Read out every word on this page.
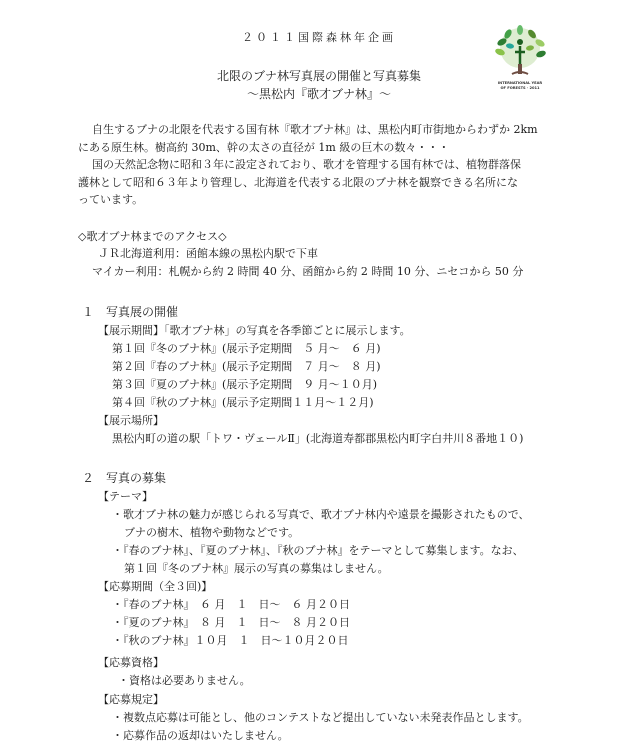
２０１１国際森林年企画
北限のブナ林写真展の開催と写真募集
～黒松内『歌才ブナ林』～
INTERNATIONAL YEAR
OF FORESTS · 2011
自生するブナの北限を代表する国有林『歌才ブナ林』は、黒松内町市街地からわずか 2km
にある原生林。樹高約 30m、幹の太さの直径が 1m 級の巨木の数々・・・
国の天然記念物に昭和３年に設定されており、歌才を管理する国有林では、植物群落保
護林として昭和６３年より管理し、北海道を代表する北限のブナ林を観察できる名所にな
っています。
◇歌才ブナ林までのアクセス◇
ＪＲ北海道利用：函館本線の黒松内駅で下車
マイカー利用：札幌から約 2 時間 40 分、函館から約 2 時間 10 分、ニセコから 50 分
１　写真展の開催
【展示期間】「歌才ブナ林」の写真を各季節ごとに展示します。
第１回『冬のブナ林』(展示予定期間　５ 月～　６ 月)
第２回『春のブナ林』(展示予定期間　７ 月～　８ 月)
第３回『夏のブナ林』(展示予定期間　９ 月～１０月)
第４回『秋のブナ林』(展示予定期間１１月～１２月)
【展示場所】
黒松内町の道の駅「トワ・ヴェールⅡ」(北海道寿都郡黒松内町字白井川８番地１０)
２　写真の募集
【テーマ】
・歌才ブナ林の魅力が感じられる写真で、歌才ブナ林内や遠景を撮影されたもので、
ブナの樹木、植物や動物などです。
・『春のブナ林』、『夏のブナ林』、『秋のブナ林』をテーマとして募集します。なお、
第１回『冬のブナ林』展示の写真の募集はしません。
【応募期間（全３回)】
・『春のブナ林』　６ 月　１　日～　６ 月２０日
・『夏のブナ林』　８ 月　１　日～　８ 月２０日
・『秋のブナ林』１０月　１　日～１０月２０日
【応募資格】
・資格は必要ありません。
【応募規定】
・複数点応募は可能とし、他のコンテストなど提出していない未発表作品とします。
・応募作品の返却はいたしません。
